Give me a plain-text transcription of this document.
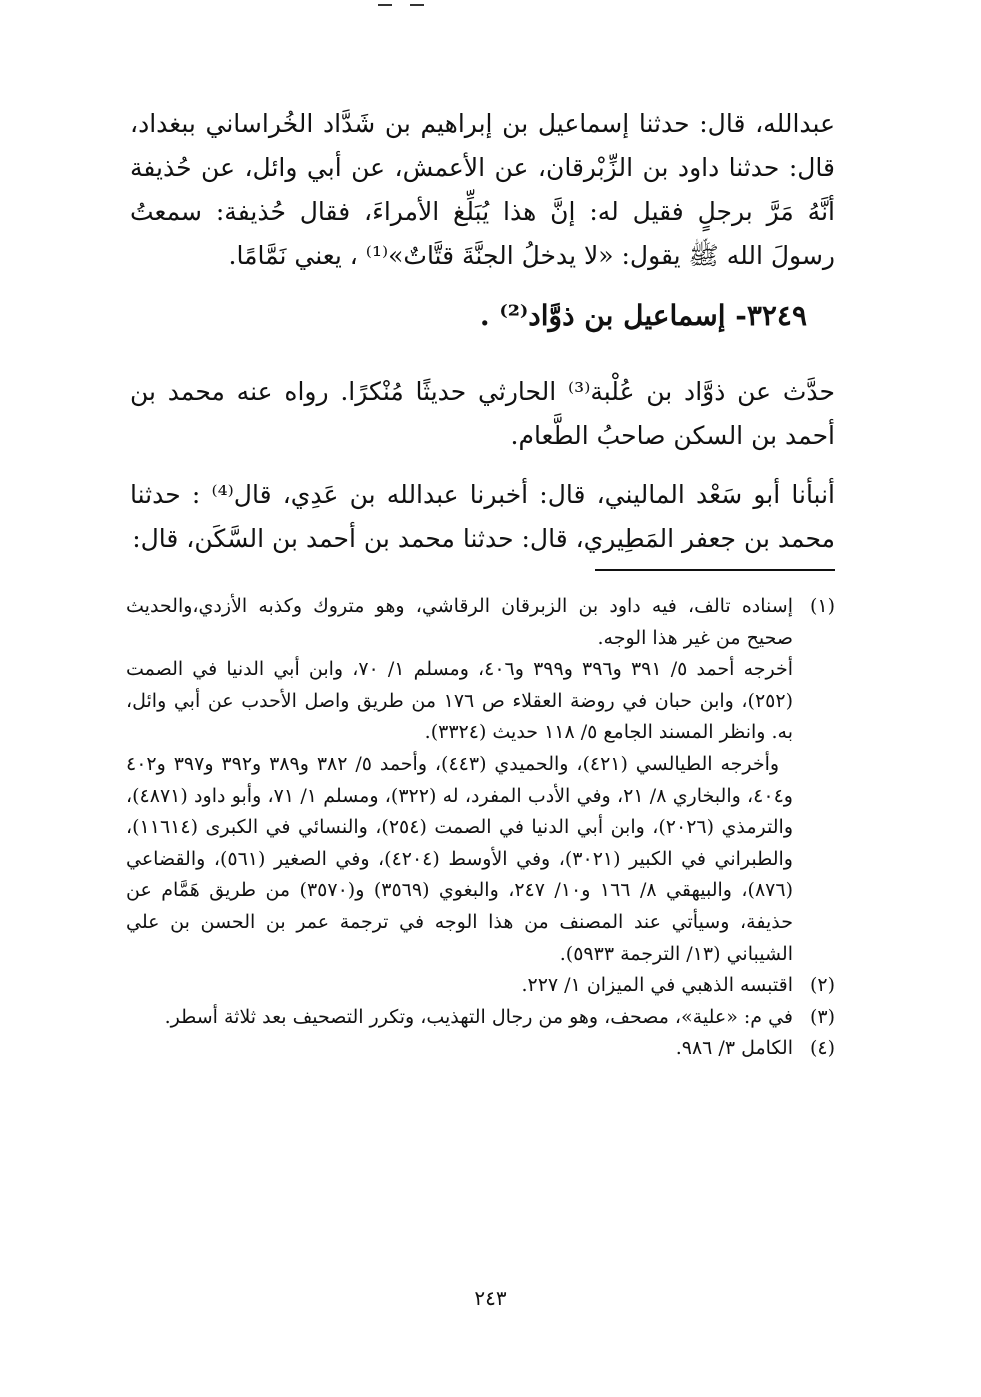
عبدالله، قال: حدثنا إسماعيل بن إبراهيم بن شَدَّاد الخُراساني ببغداد، قال: حدثنا داود بن الزِّبْرقان، عن الأعمش، عن أبي وائل، عن حُذيفة أنَّهُ مَرَّ برجلٍ فقيل له: إنَّ هذا يُبَلِّغ الأمراءَ، فقال حُذيفة: سمعتُ رسولَ الله ﷺ يقول: «لا يدخلُ الجنَّةَ قتَّاتٌ»⁽¹⁾ ، يعني نَمَّامًا.

٣٢٤٩- إسماعيل بن ذوَّاد⁽²⁾ .

حدَّث عن ذوَّاد بن عُلْبة⁽³⁾ الحارثي حديثًا مُنْكرًا. رواه عنه محمد بن أحمد بن السكن صاحبُ الطَّعام.

أنبأنا أبو سَعْد الماليني، قال: أخبرنا عبدالله بن عَدِي، قال⁽⁴⁾ : حدثنا محمد بن جعفر المَطِيري، قال: حدثنا محمد بن أحمد بن السَّكَن، قال:

(١)

إسناده تالف، فيه داود بن الزبرقان الرقاشي، وهو متروك وكذبه الأزدي،والحديث صحيح من غير هذا الوجه.

أخرجه أحمد ٥/ ٣٩١ و٣٩٦ و٣٩٩ و٤٠٦، ومسلم ١/ ٧٠، وابن أبي الدنيا في الصمت (٢٥٢)، وابن حبان في روضة العقلاء ص ١٧٦ من طريق واصل الأحدب عن أبي وائل، به. وانظر المسند الجامع ٥/ ١١٨ حديث (٣٣٢٤).

وأخرجه الطيالسي (٤٢١)، والحميدي (٤٤٣)، وأحمد ٥/ ٣٨٢ و٣٨٩ و٣٩٢ و٣٩٧ و٤٠٢ و٤٠٤، والبخاري ٨/ ٢١، وفي الأدب المفرد، له (٣٢٢)، ومسلم ١/ ٧١، وأبو داود (٤٨٧١)، والترمذي (٢٠٢٦)، وابن أبي الدنيا في الصمت (٢٥٤)، والنسائي في الكبرى (١١٦١٤)، والطبراني في الكبير (٣٠٢١)، وفي الأوسط (٤٢٠٤)، وفي الصغير (٥٦١)، والقضاعي (٨٧٦)، والبيهقي ٨/ ١٦٦ و١٠/ ٢٤٧، والبغوي (٣٥٦٩) و(٣٥٧٠) من طريق هَمَّام عن حذيفة، وسيأتي عند المصنف من هذا الوجه في ترجمة عمر بن الحسن بن علي الشيباني (١٣/ الترجمة ٥٩٣٣).

(٢)

اقتبسه الذهبي في الميزان ١/ ٢٢٧.

(٣)

في م: «علية»، مصحف، وهو من رجال التهذيب، وتكرر التصحيف بعد ثلاثة أسطر.

(٤)

الكامل ٣/ ٩٨٦.

٢٤٣
